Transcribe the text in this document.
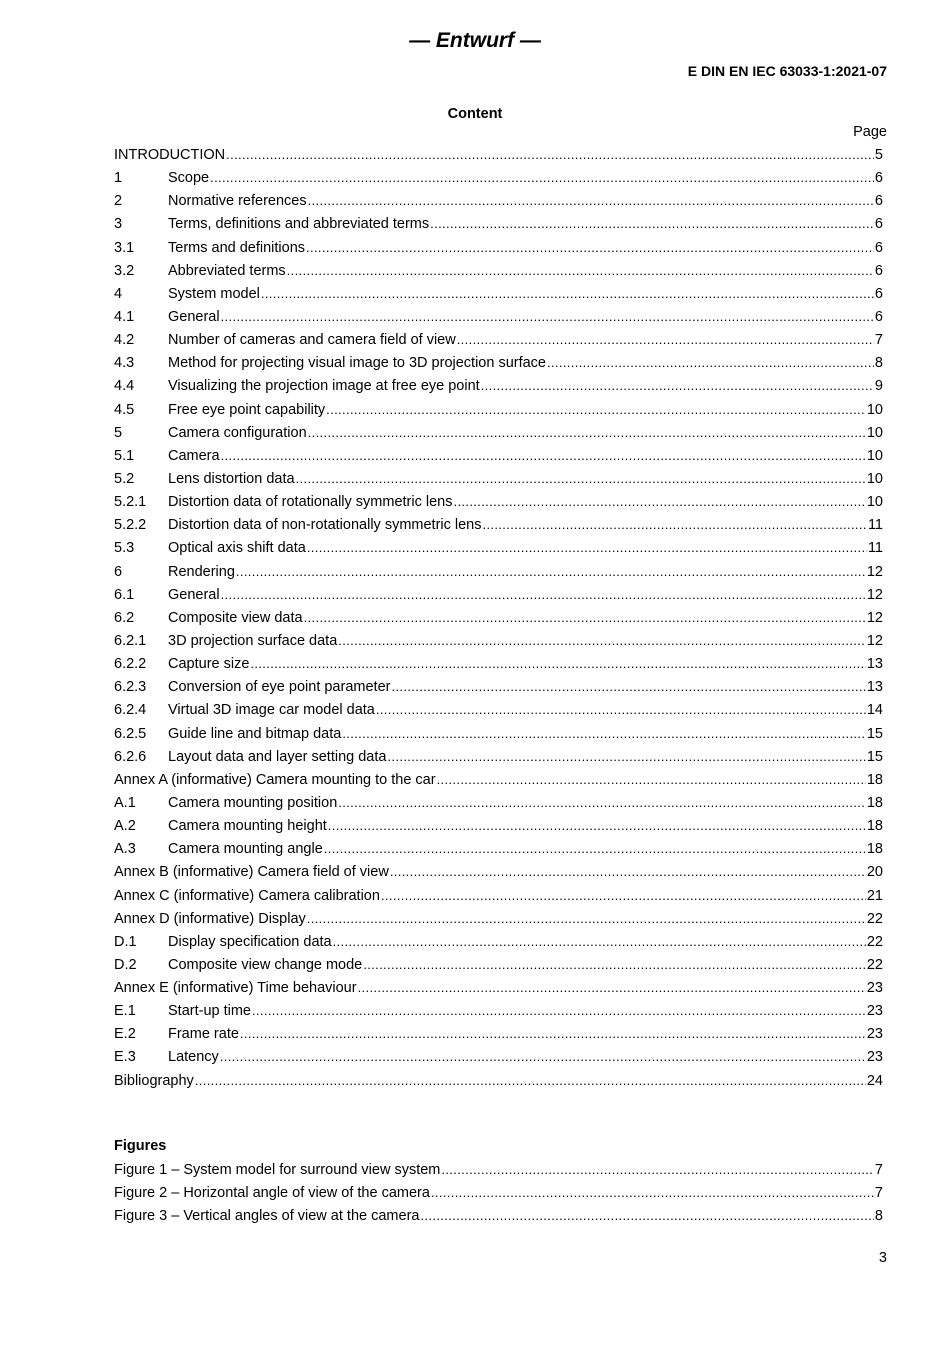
— Entwurf —
E DIN EN IEC 63033-1:2021-07
Content
Page
INTRODUCTION .....	5
1	Scope .....	6
2	Normative references .....	6
3	Terms, definitions and abbreviated terms .....	6
3.1	Terms and definitions .....	6
3.2	Abbreviated terms .....	6
4	System model .....	6
4.1	General .....	6
4.2	Number of cameras and camera field of view .....	7
4.3	Method for projecting visual image to 3D projection surface .....	8
4.4	Visualizing the projection image at free eye point .....	9
4.5	Free eye point capability .....	10
5	Camera configuration .....	10
5.1	Camera .....	10
5.2	Lens distortion data .....	10
5.2.1	Distortion data of rotationally symmetric lens .....	10
5.2.2	Distortion data of non-rotationally symmetric lens .....	11
5.3	Optical axis shift data .....	11
6	Rendering .....	12
6.1	General .....	12
6.2	Composite view data .....	12
6.2.1	3D projection surface data .....	12
6.2.2	Capture size .....	13
6.2.3	Conversion of eye point parameter .....	13
6.2.4	Virtual 3D image car model data .....	14
6.2.5	Guide line and bitmap data .....	15
6.2.6	Layout data and layer setting data .....	15
Annex A (informative) Camera mounting to the car .....	18
A.1	Camera mounting position .....	18
A.2	Camera mounting height .....	18
A.3	Camera mounting angle .....	18
Annex B (informative) Camera field of view .....	20
Annex C (informative) Camera calibration .....	21
Annex D (informative) Display .....	22
D.1	Display specification data .....	22
D.2	Composite view change mode .....	22
Annex E (informative) Time behaviour .....	23
E.1	Start-up time .....	23
E.2	Frame rate .....	23
E.3	Latency .....	23
Bibliography .....	24
Figures
Figure 1 – System model for surround view system .....	7
Figure 2 – Horizontal angle of view of the camera .....	7
Figure 3 – Vertical angles of view at the camera .....	8
3
